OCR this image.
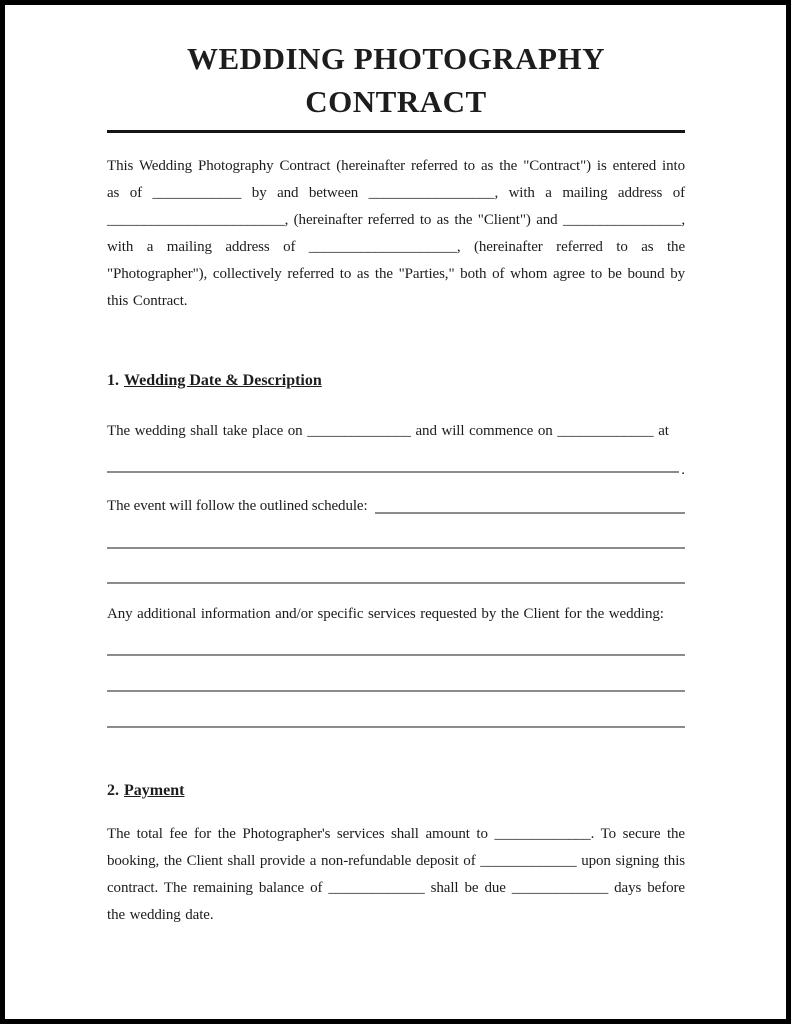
WEDDING PHOTOGRAPHY CONTRACT

This Wedding Photography Contract (hereinafter referred to as the "Contract") is entered into as of ____________ by and between _________________, with a mailing address of ________________________, (hereinafter referred to as the "Client") and ________________, with a mailing address of ____________________, (hereinafter referred to as the "Photographer"), collectively referred to as the "Parties," both of whom agree to be bound by this Contract.

1. Wedding Date & Description

The wedding shall take place on ______________ and will commence on _____________ at

.
The event will follow the outlined schedule:

Any additional information and/or specific services requested by the Client for the wedding:

2. Payment

The total fee for the Photographer's services shall amount to _____________. To secure the booking, the Client shall provide a non-refundable deposit of _____________ upon signing this contract. The remaining balance of _____________ shall be due _____________ days before the wedding date.
